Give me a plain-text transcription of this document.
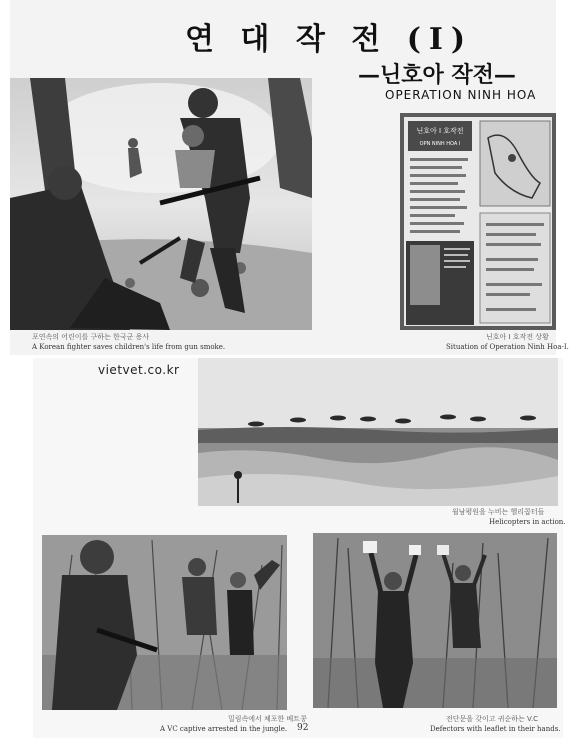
연 대 작 전 (Ⅰ)
—닌호아 작전—
OPERATION NINH HOA
포연속의 어린이를 구하는 한국군 용사
A Korean fighter saves children's life from gun smoke.
닌호아 I 호작전
OPN NINH HOA I
닌호아 I 호작전 상황
Situation of Operation Ninh Hoa-I.
vietvet.co.kr
월남평원을 누비는 헬리콥터들
Helicopters in action.
밀림속에서 체포한 베트콩
A VC captive arrested in the jungle.
전단문을 갖이고 귀순하는 V.C
Defectors with leaflet in their hands.
92
